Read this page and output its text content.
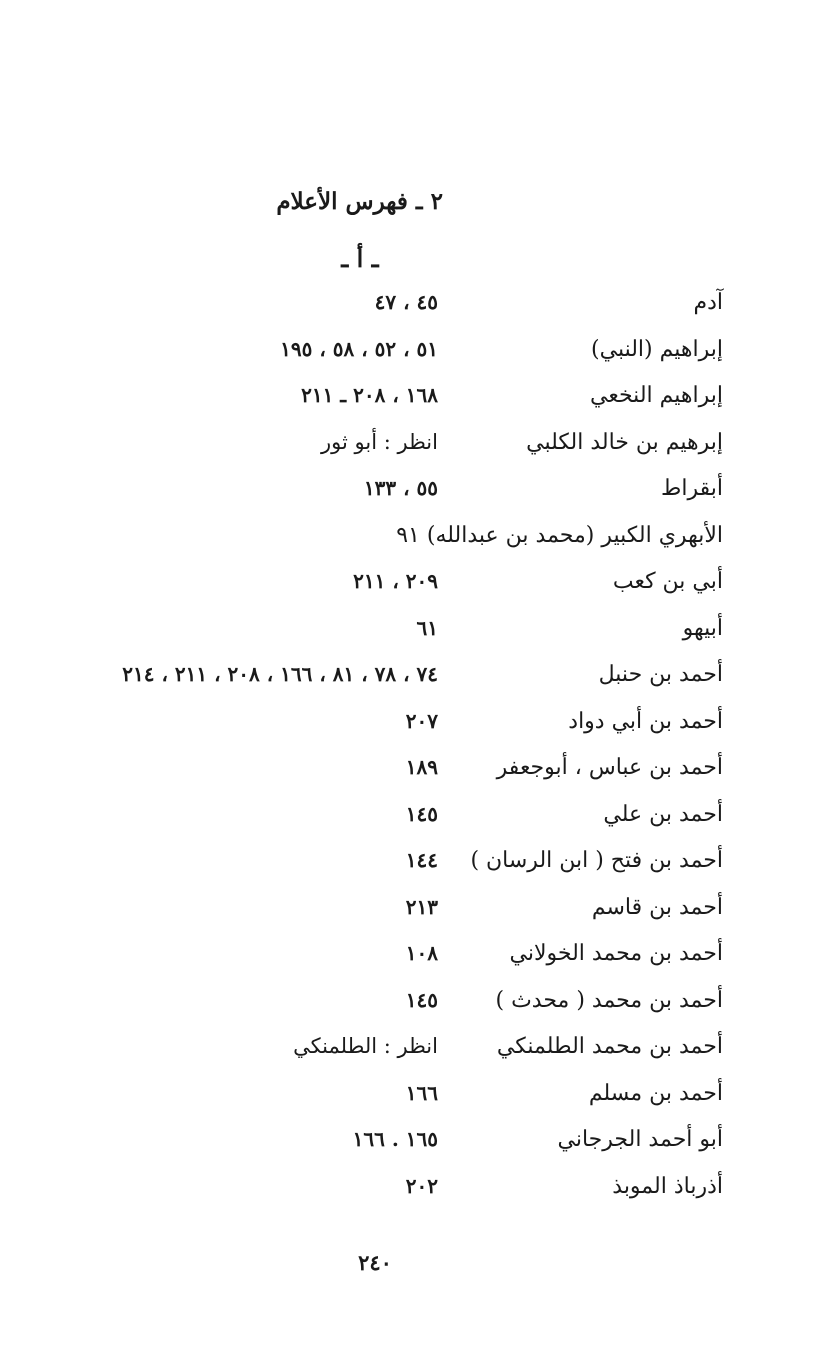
٢ ـ فهرس الأعلام
ـ أ ـ
آدم
٤٥ ، ٤٧
إبراهيم (النبي)
٥١ ، ٥٢ ، ٥٨ ، ١٩٥
إبراهيم النخعي
١٦٨ ، ٢٠٨ ـ ٢١١
إبرهيم بن خالد الكلبي
انظر : أبو ثور
أبقراط
٥٥ ، ١٣٣
الأبهري الكبير (محمد بن عبدالله) ٩١
أبي بن كعب
٢٠٩ ، ٢١١
أبيهو
٦١
أحمد بن حنبل
٧٤ ، ٧٨ ، ٨١ ، ١٦٦ ، ٢٠٨ ، ٢١١ ، ٢١٤
أحمد بن أبي دواد
٢٠٧
أحمد بن عباس ، أبوجعفر
١٨٩
أحمد بن علي
١٤٥
أحمد بن فتح ( ابن الرسان )
١٤٤
أحمد بن قاسم
٢١٣
أحمد بن محمد الخولاني
١٠٨
أحمد بن محمد ( محدث )
١٤٥
أحمد بن محمد الطلمنكي
انظر : الطلمنكي
أحمد بن مسلم
١٦٦
أبو أحمد الجرجاني
١٦٥ . ١٦٦
أذرباذ الموبذ
٢٠٢
٢٤٠
